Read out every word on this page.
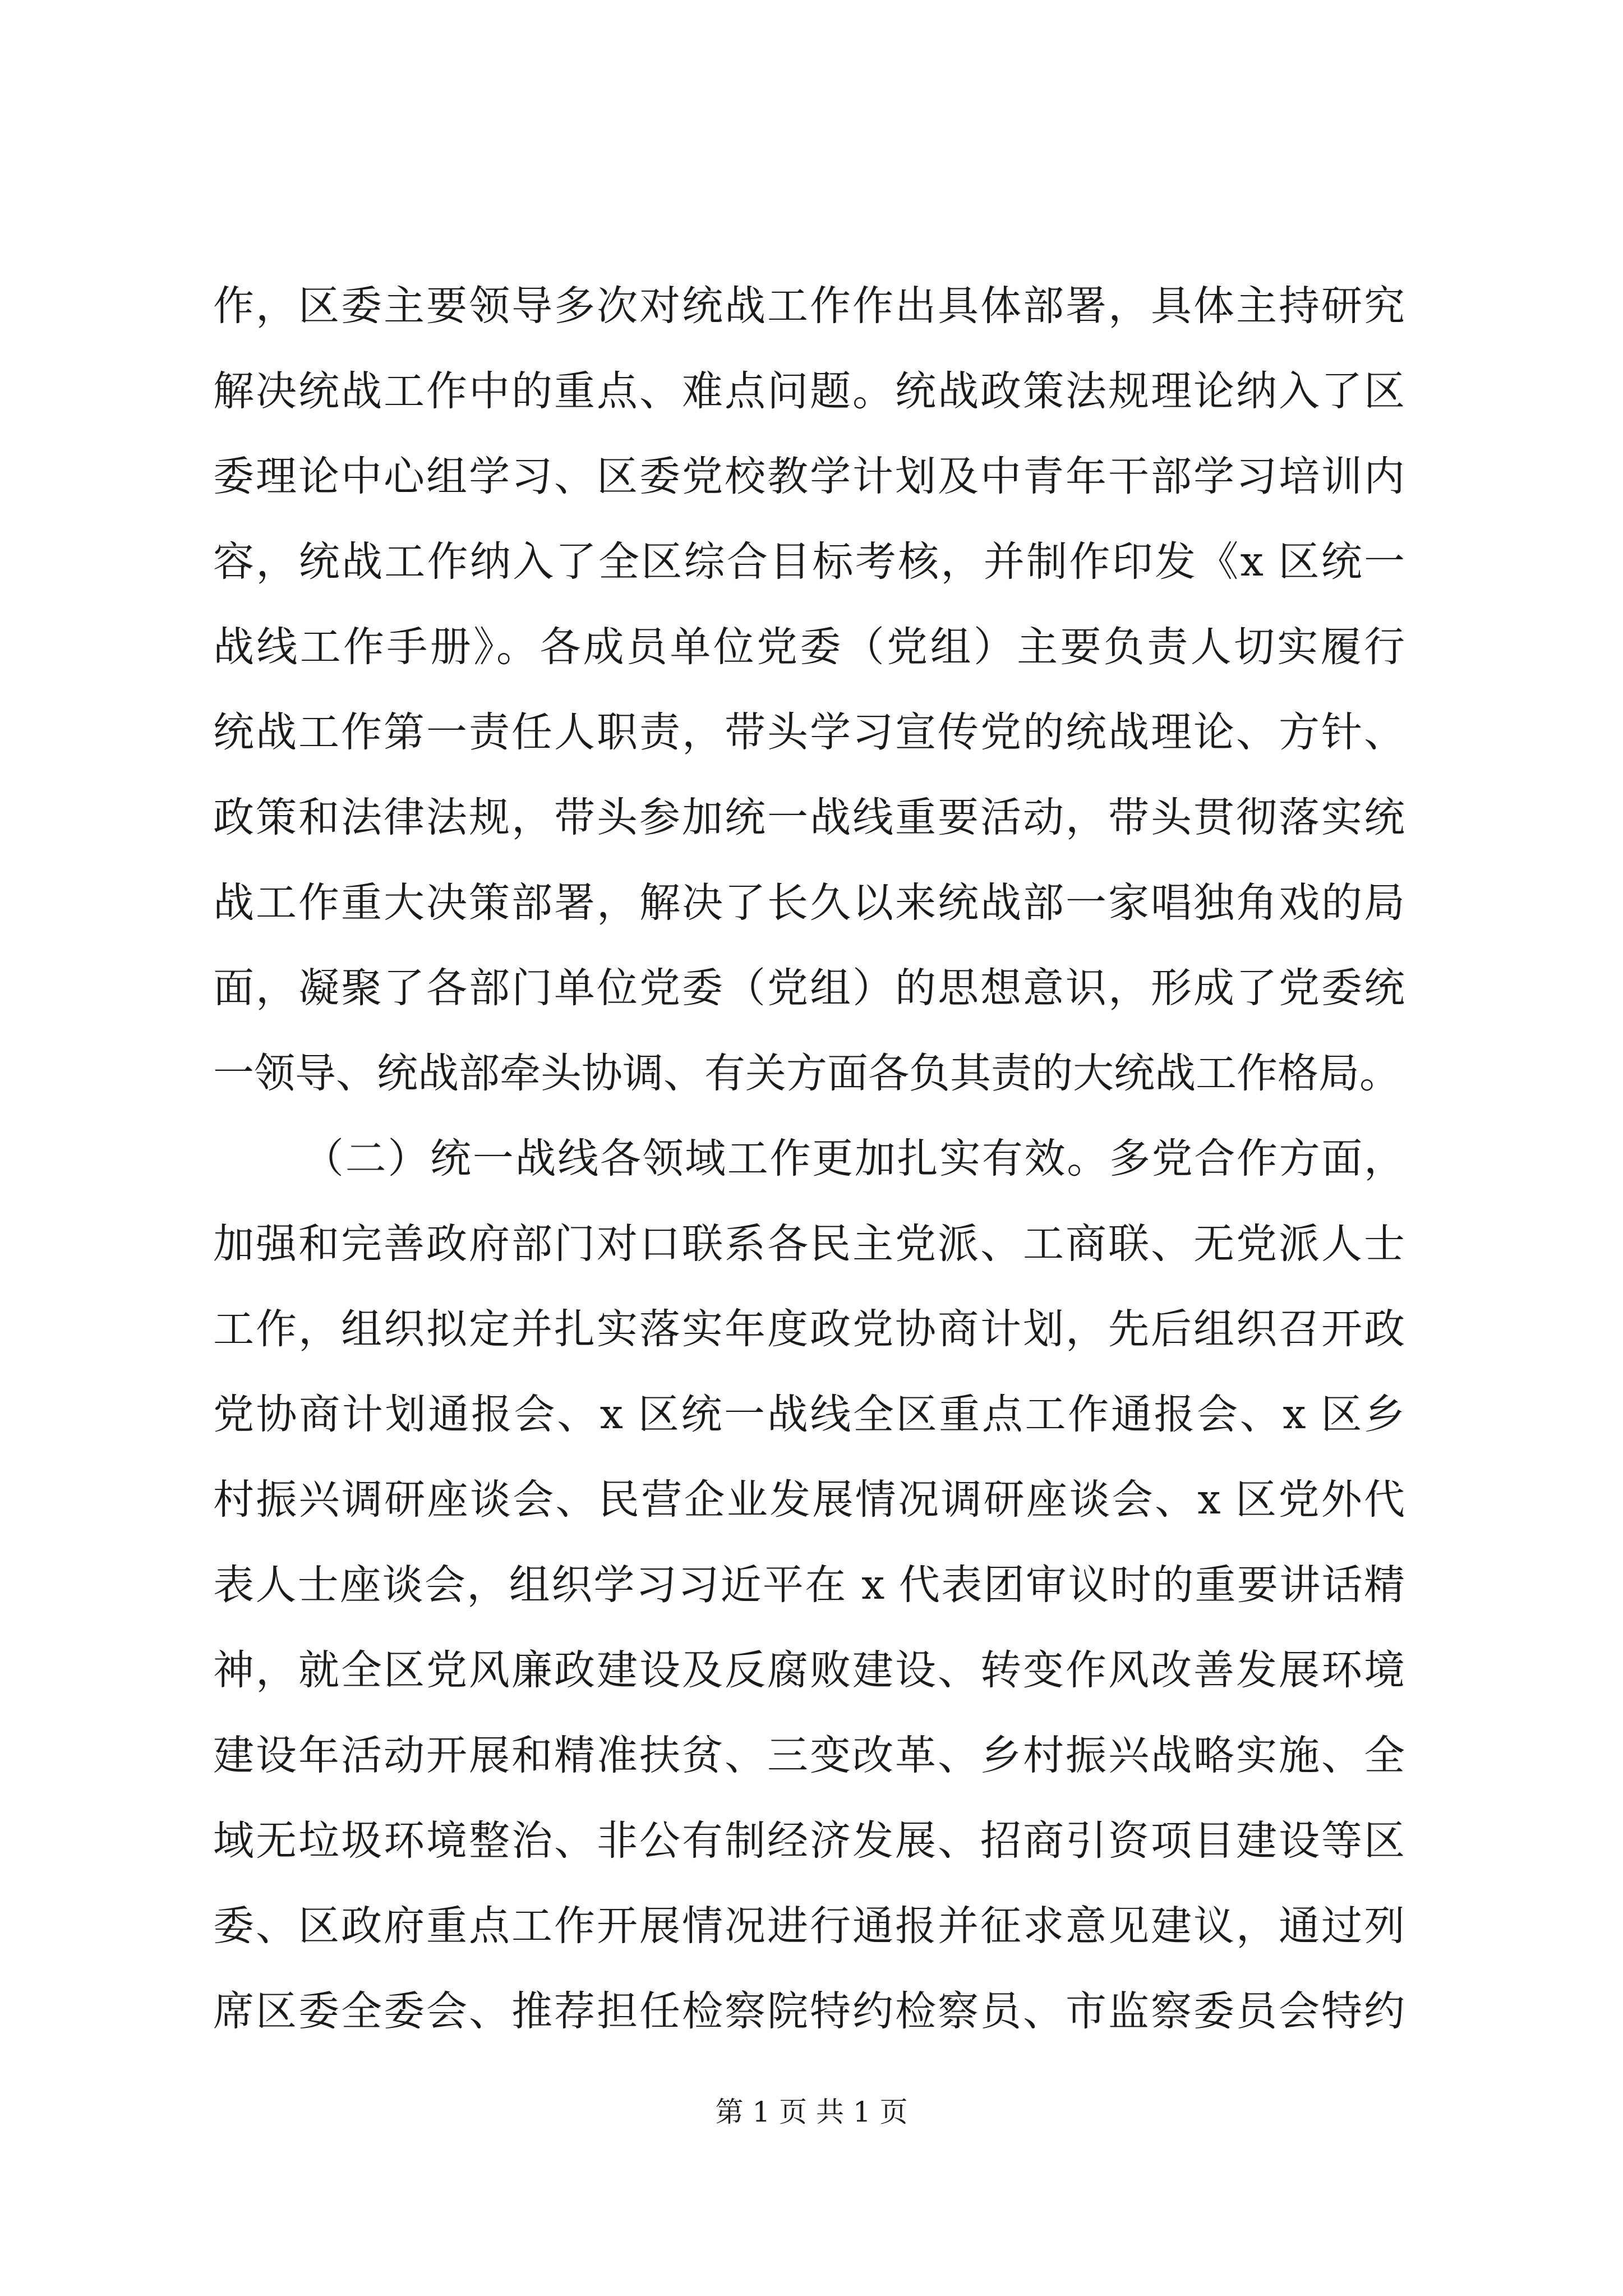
作，区委主要领导多次对统战工作作出具体部署，具体主持研究
解决统战工作中的重点、难点问题。统战政策法规理论纳入了区
委理论中心组学习、区委党校教学计划及中青年干部学习培训内
容，统战工作纳入了全区综合目标考核，并制作印发《x 区统一
战线工作手册》。各成员单位党委（党组）主要负责人切实履行
统战工作第一责任人职责，带头学习宣传党的统战理论、方针、
政策和法律法规，带头参加统一战线重要活动，带头贯彻落实统
战工作重大决策部署，解决了长久以来统战部一家唱独角戏的局
面，凝聚了各部门单位党委（党组）的思想意识，形成了党委统
一领导、统战部牵头协调、有关方面各负其责的大统战工作格局。
（二）统一战线各领域工作更加扎实有效。多党合作方面，
加强和完善政府部门对口联系各民主党派、工商联、无党派人士
工作，组织拟定并扎实落实年度政党协商计划，先后组织召开政
党协商计划通报会、x 区统一战线全区重点工作通报会、x 区乡
村振兴调研座谈会、民营企业发展情况调研座谈会、x 区党外代
表人士座谈会，组织学习习近平在 x 代表团审议时的重要讲话精
神，就全区党风廉政建设及反腐败建设、转变作风改善发展环境
建设年活动开展和精准扶贫、三变改革、乡村振兴战略实施、全
域无垃圾环境整治、非公有制经济发展、招商引资项目建设等区
委、区政府重点工作开展情况进行通报并征求意见建议，通过列
席区委全委会、推荐担任检察院特约检察员、市监察委员会特约
第 1 页 共 1 页
